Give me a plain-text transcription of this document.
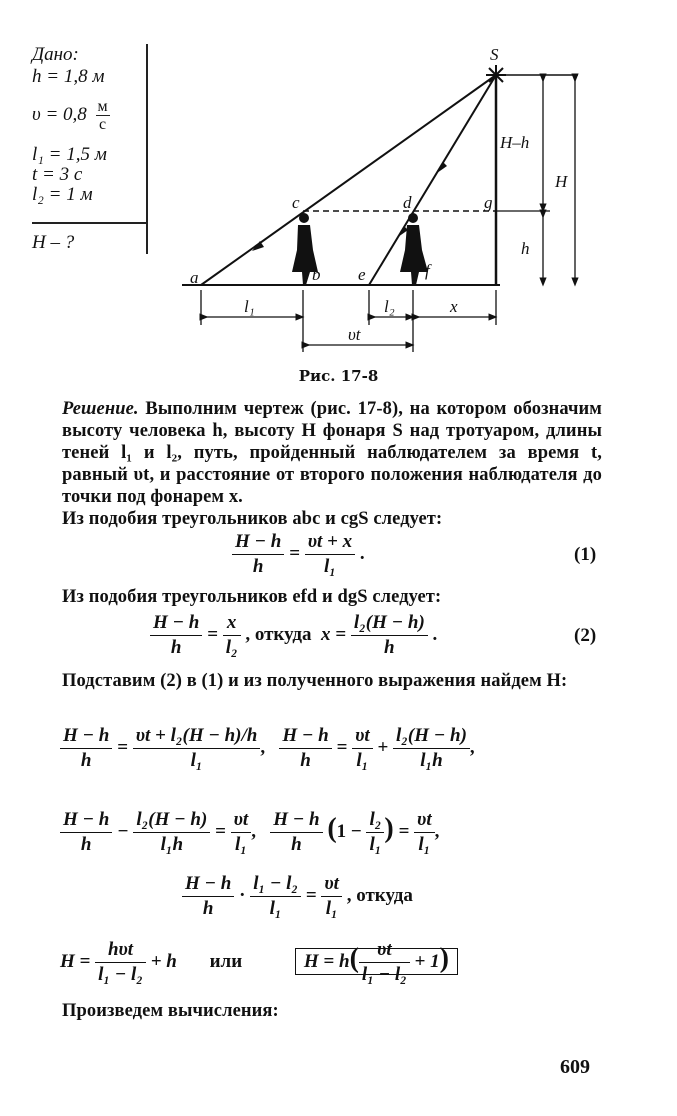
Дано:
h = 1,8 м
$\upsilon = 0,8 \frac{м}{с}$
l₁ = 1,5 м
t = 3 с
l₂ = 1 м
H – ?
S
c	d	g
a	b e	f
H–h
H
h
l₁	l₂	x
υt
Рис. 17-8
Решение. Выполним чертеж (рис. 17-8), на котором обозначим высоту человека h, высоту H фонаря S над тротуаром, длины теней l₁ и l₂, путь, пройденный наблюдателем за время t, равный υt, и расстояние от второго положения наблюдателя до точки под фонарем x.
Из подобия треугольников abc и cgS следует:
$\frac{H - h}{h} = \frac{\upsilon t + x}{\text{l₁}}$ .	(1)
Из подобия треугольников efd и dgS следует:
$\frac{H - h}{h} = \frac{x}{\text{l₂}}$ , откуда $x = \frac{\text{l₂(H − h)}}{h}$ .	(2)
Подставим (2) в (1) и из полученного выражения найдем H:
$\frac{H - h}{h} = \frac{\text{υt + l₂(H − h)/h}}{\text{l₁}}$ , $\frac{H - h}{h} = \frac{\upsilon t}{\text{l₁}} + \frac{\text{l₂(H − h)}}{\text{l₁h}}$ ,
$\frac{H - h}{h} - \frac{\text{l₂(H − h)}}{\text{l₁h}} = \frac{\upsilon t}{\text{l₁}}$ , $\frac{H - h}{h} (1 - \frac{\text{l₂}}{\text{l₁}}$ ) = $\frac{\upsilon t}{\text{l₁}}$ ,
$\frac{H - h}{h} \cdot \frac{\text{l₁ − l₂}}{\text{l₁}} = \frac{\upsilon t}{\text{l₁}}$ , откуда
$H = \frac{\text{hυt}}{\text{l₁ − l₂}} + h$ или	$H = h( \frac{\upsilon t}{\text{l₁ − l₂}} + 1)$
Произведем вычисления:
609
